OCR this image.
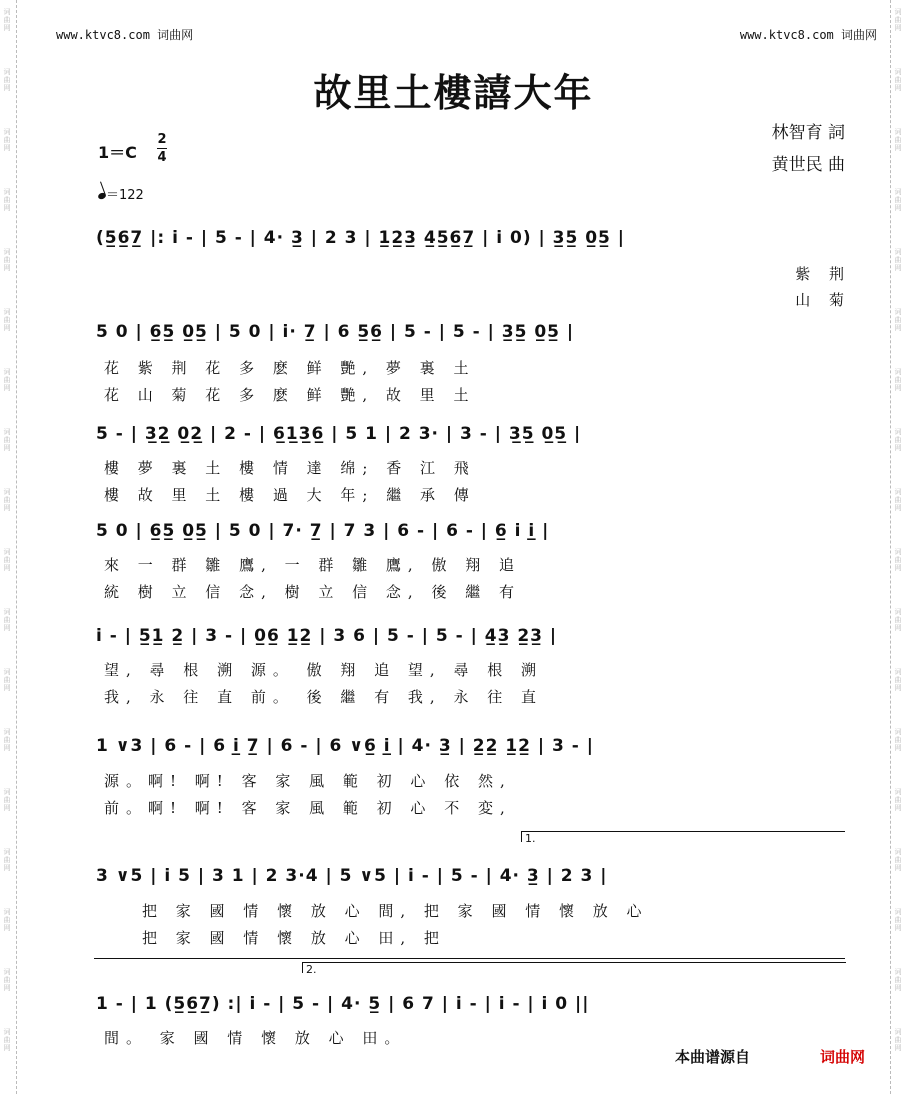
词曲网
词曲网
词曲网
词曲网
词曲网
词曲网
词曲网
词曲网
词曲网
词曲网
词曲网
词曲网
词曲网
词曲网
词曲网
词曲网
词曲网
词曲网
词曲网
词曲网
词曲网
词曲网
词曲网
词曲网
词曲网
词曲网
词曲网
词曲网
词曲网
词曲网
词曲网
词曲网
词曲网
词曲网
词曲网
词曲网
www.ktvc8.com 词曲网	www.ktvc8.com 词曲网
故里土樓譆大年
林智育 詞
黄世民 曲
1＝C
2
4
＝122
(5̲6̲7̲ |: i - | 5 - | 4· 3̲ | 2 3 | 1̲2̲3̲ 4̲5̲6̲7̲ | i 0) | 3̲5̲ 0̲5̲ |
紫 荆
山 菊
5 0 | 6̲5̲ 0̲5̲ | 5 0 | i· 7̲ | 6 5̲6̲ | 5 - | 5 - | 3̲5̲ 0̲5̲ |
花 紫 荆 花 多 麽 鲜 艷, 夢 裏 土
花 山 菊 花 多 麽 鲜 艷, 故 里 土
5 - | 3̲2̲ 0̲2̲ | 2 - | 6̲1̲3̲6̲ | 5 1 | 2 3· | 3 - | 3̲5̲ 0̲5̲ |
樓 夢 裏 土 樓 情 達 绵; 香 江 飛
樓 故 里 土 樓 過 大 年; 繼 承 傳
5 0 | 6̲5̲ 0̲5̲ | 5 0 | 7· 7̲ | 7 3 | 6 - | 6 - | 6̲ i i̲ |
來 一 群 雛 鷹, 一 群 雛 鷹, 傲 翔 追
統 樹 立 信 念, 樹 立 信 念, 後 繼 有
i - | 5̲1̲ 2̲ | 3 - | 0̲6̲ 1̲2̲ | 3 6 | 5 - | 5 - | 4̲3̲ 2̲3̲ |
望, 尋 根 溯 源。 傲 翔 追 望, 尋 根 溯
我, 永 往 直 前。 後 繼 有 我, 永 往 直
1 ∨3 | 6 - | 6 i̲ 7̲ | 6 - | 6 ∨6̲ i̲ | 4· 3̲ | 2̲2̲ 1̲2̲ | 3 - |
源。啊! 啊! 客 家 風 範 初 心 依 然,
前。啊! 啊! 客 家 風 範 初 心 不 変,
1.
3 ∨5 | i 5 | 3 1 | 2 3·4 | 5 ∨5 | i - | 5 - | 4· 3̲ | 2 3 |
把 家 國 情 懷 放 心 間, 把 家 國 情 懷 放 心
把 家 國 情 懷 放 心 田, 把
2.
1 - | 1 (5̲6̲7̲) :| i - | 5 - | 4· 5̲ | 6 7 | i - | i - | i 0 ||
間。 家 國 情 懷 放 心 田。
本曲谱源自	词曲网
